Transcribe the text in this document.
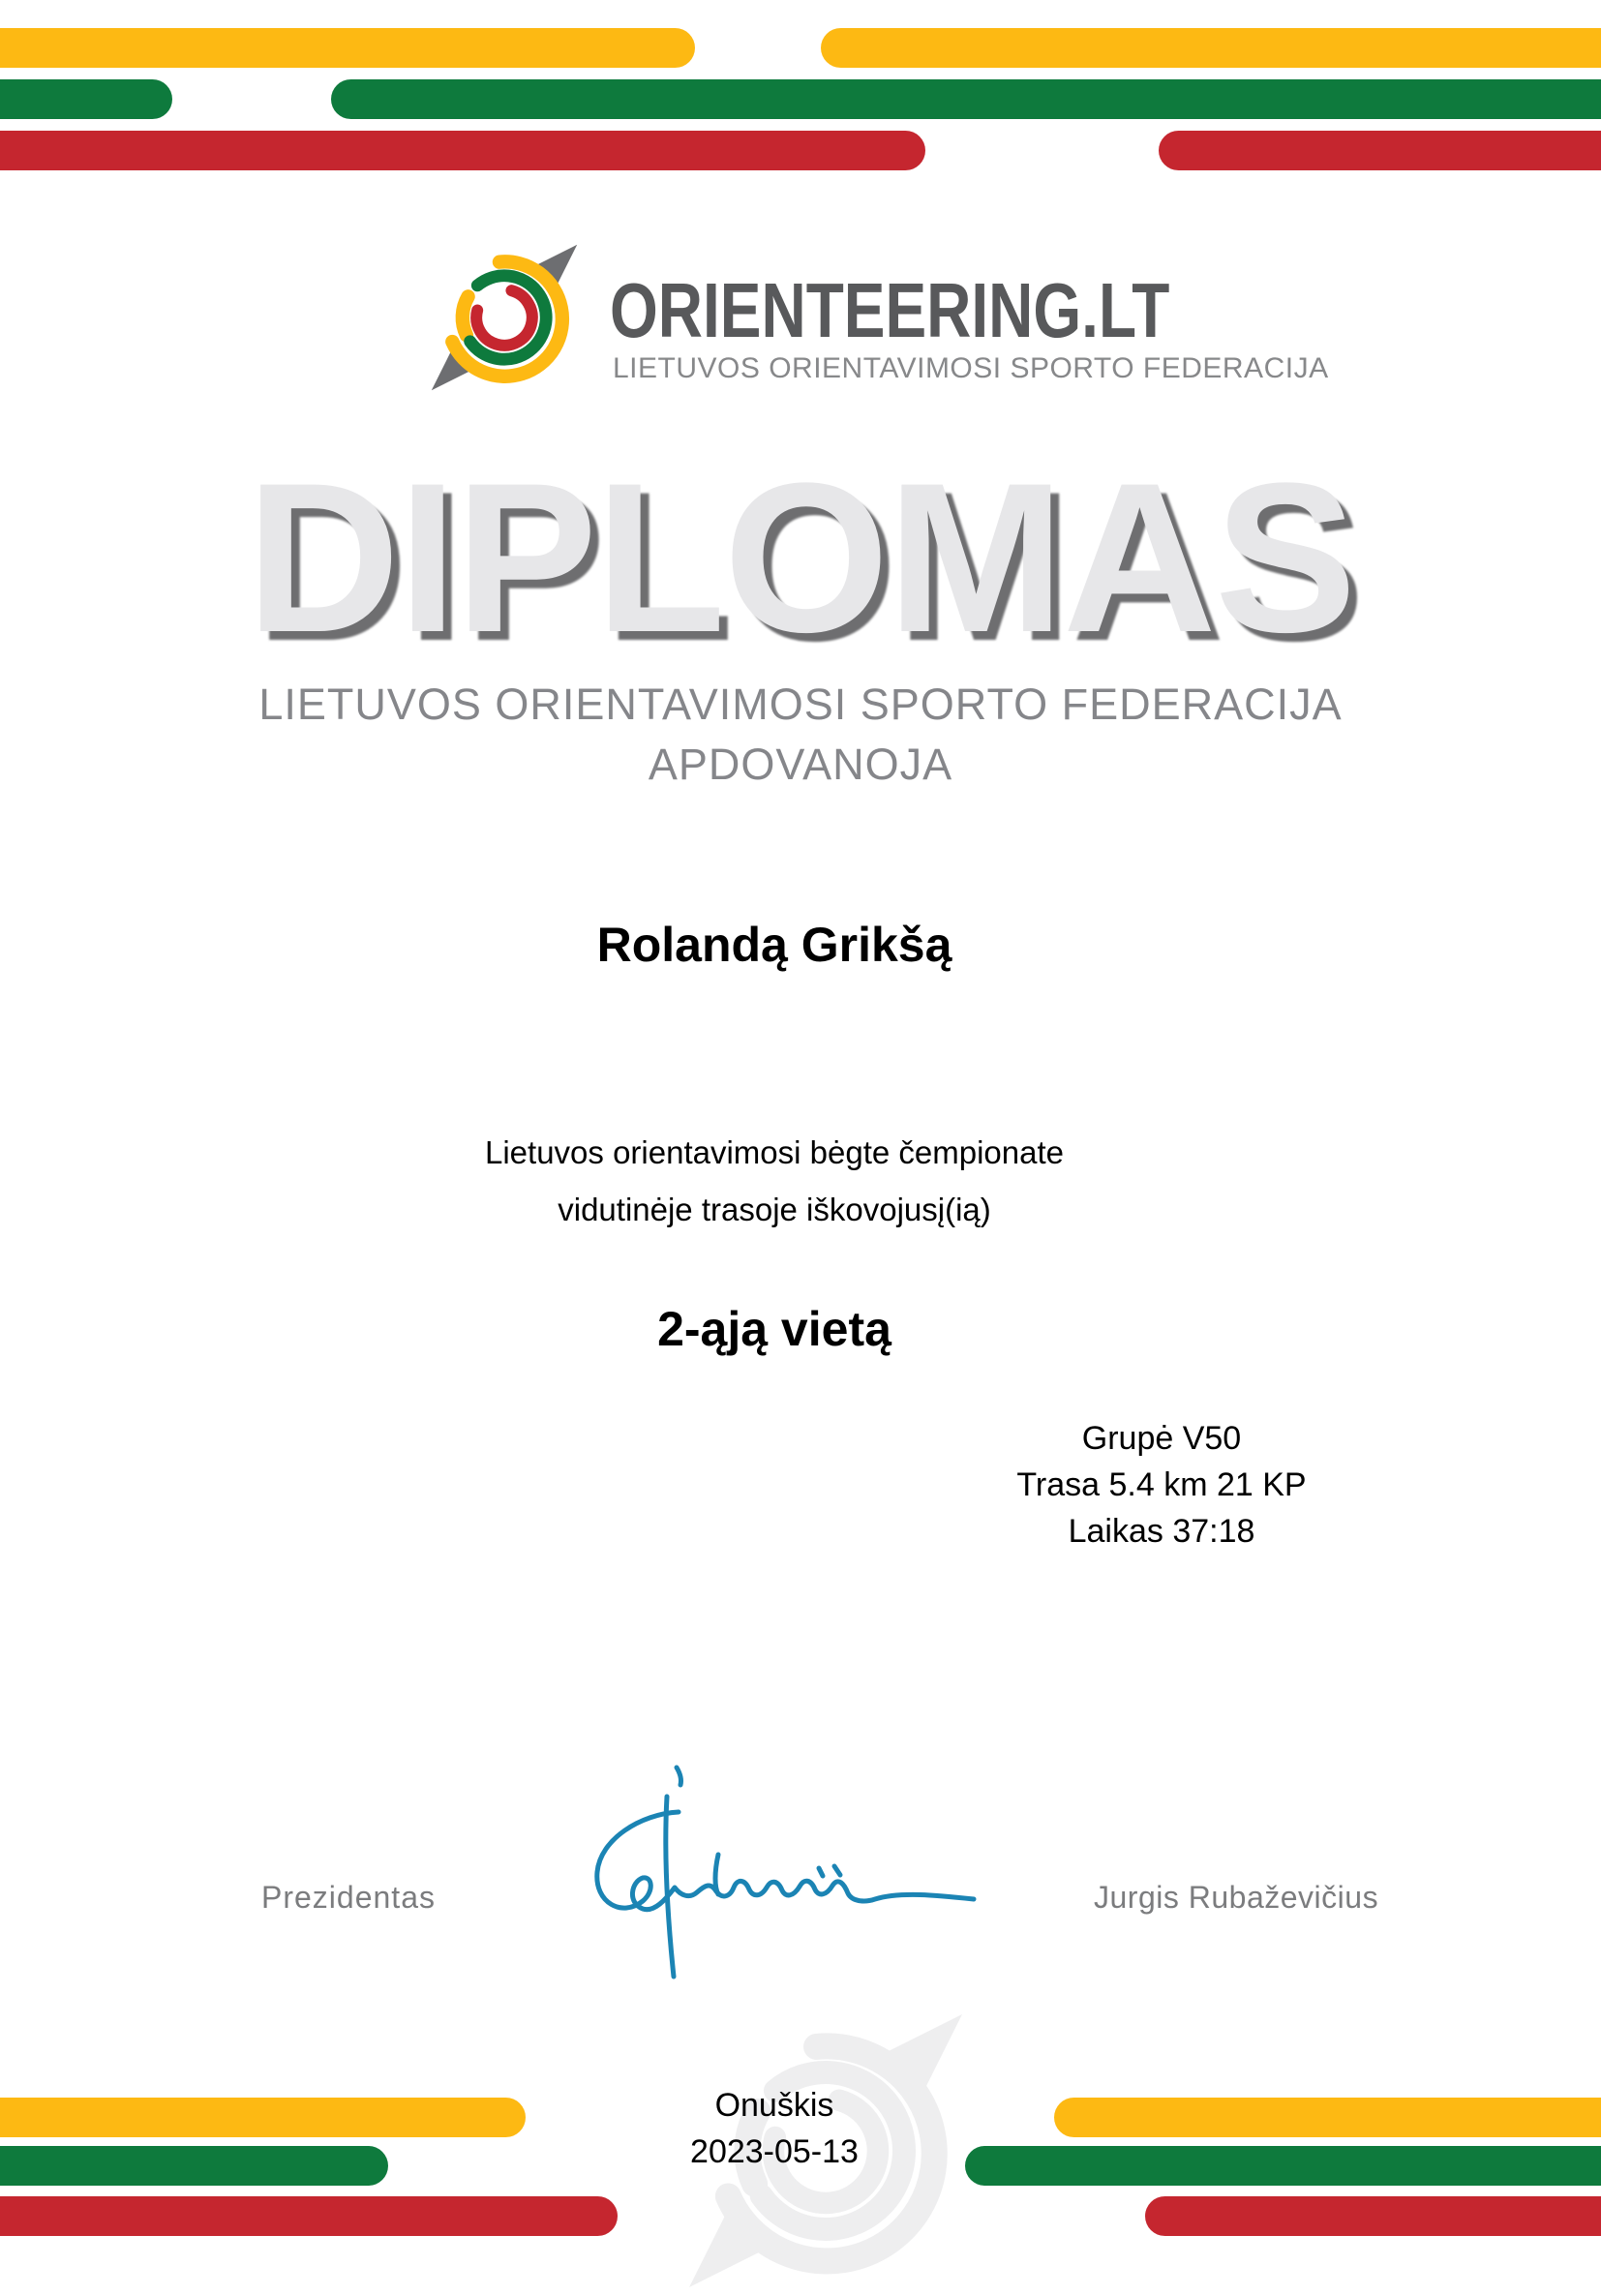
ORIENTEERING.LT
LIETUVOS ORIENTAVIMOSI SPORTO FEDERACIJA
DIPLOMAS
LIETUVOS ORIENTAVIMOSI SPORTO FEDERACIJA
APDOVANOJA
Rolandą Grikšą
Lietuvos orientavimosi bėgte čempionate
vidutinėje trasoje iškovojusį(ią)
2-ąją vietą
Grupė V50
Trasa 5.4 km 21 KP
Laikas 37:18
Prezidentas	Jurgis Rubaževičius
Onuškis
2023-05-13
